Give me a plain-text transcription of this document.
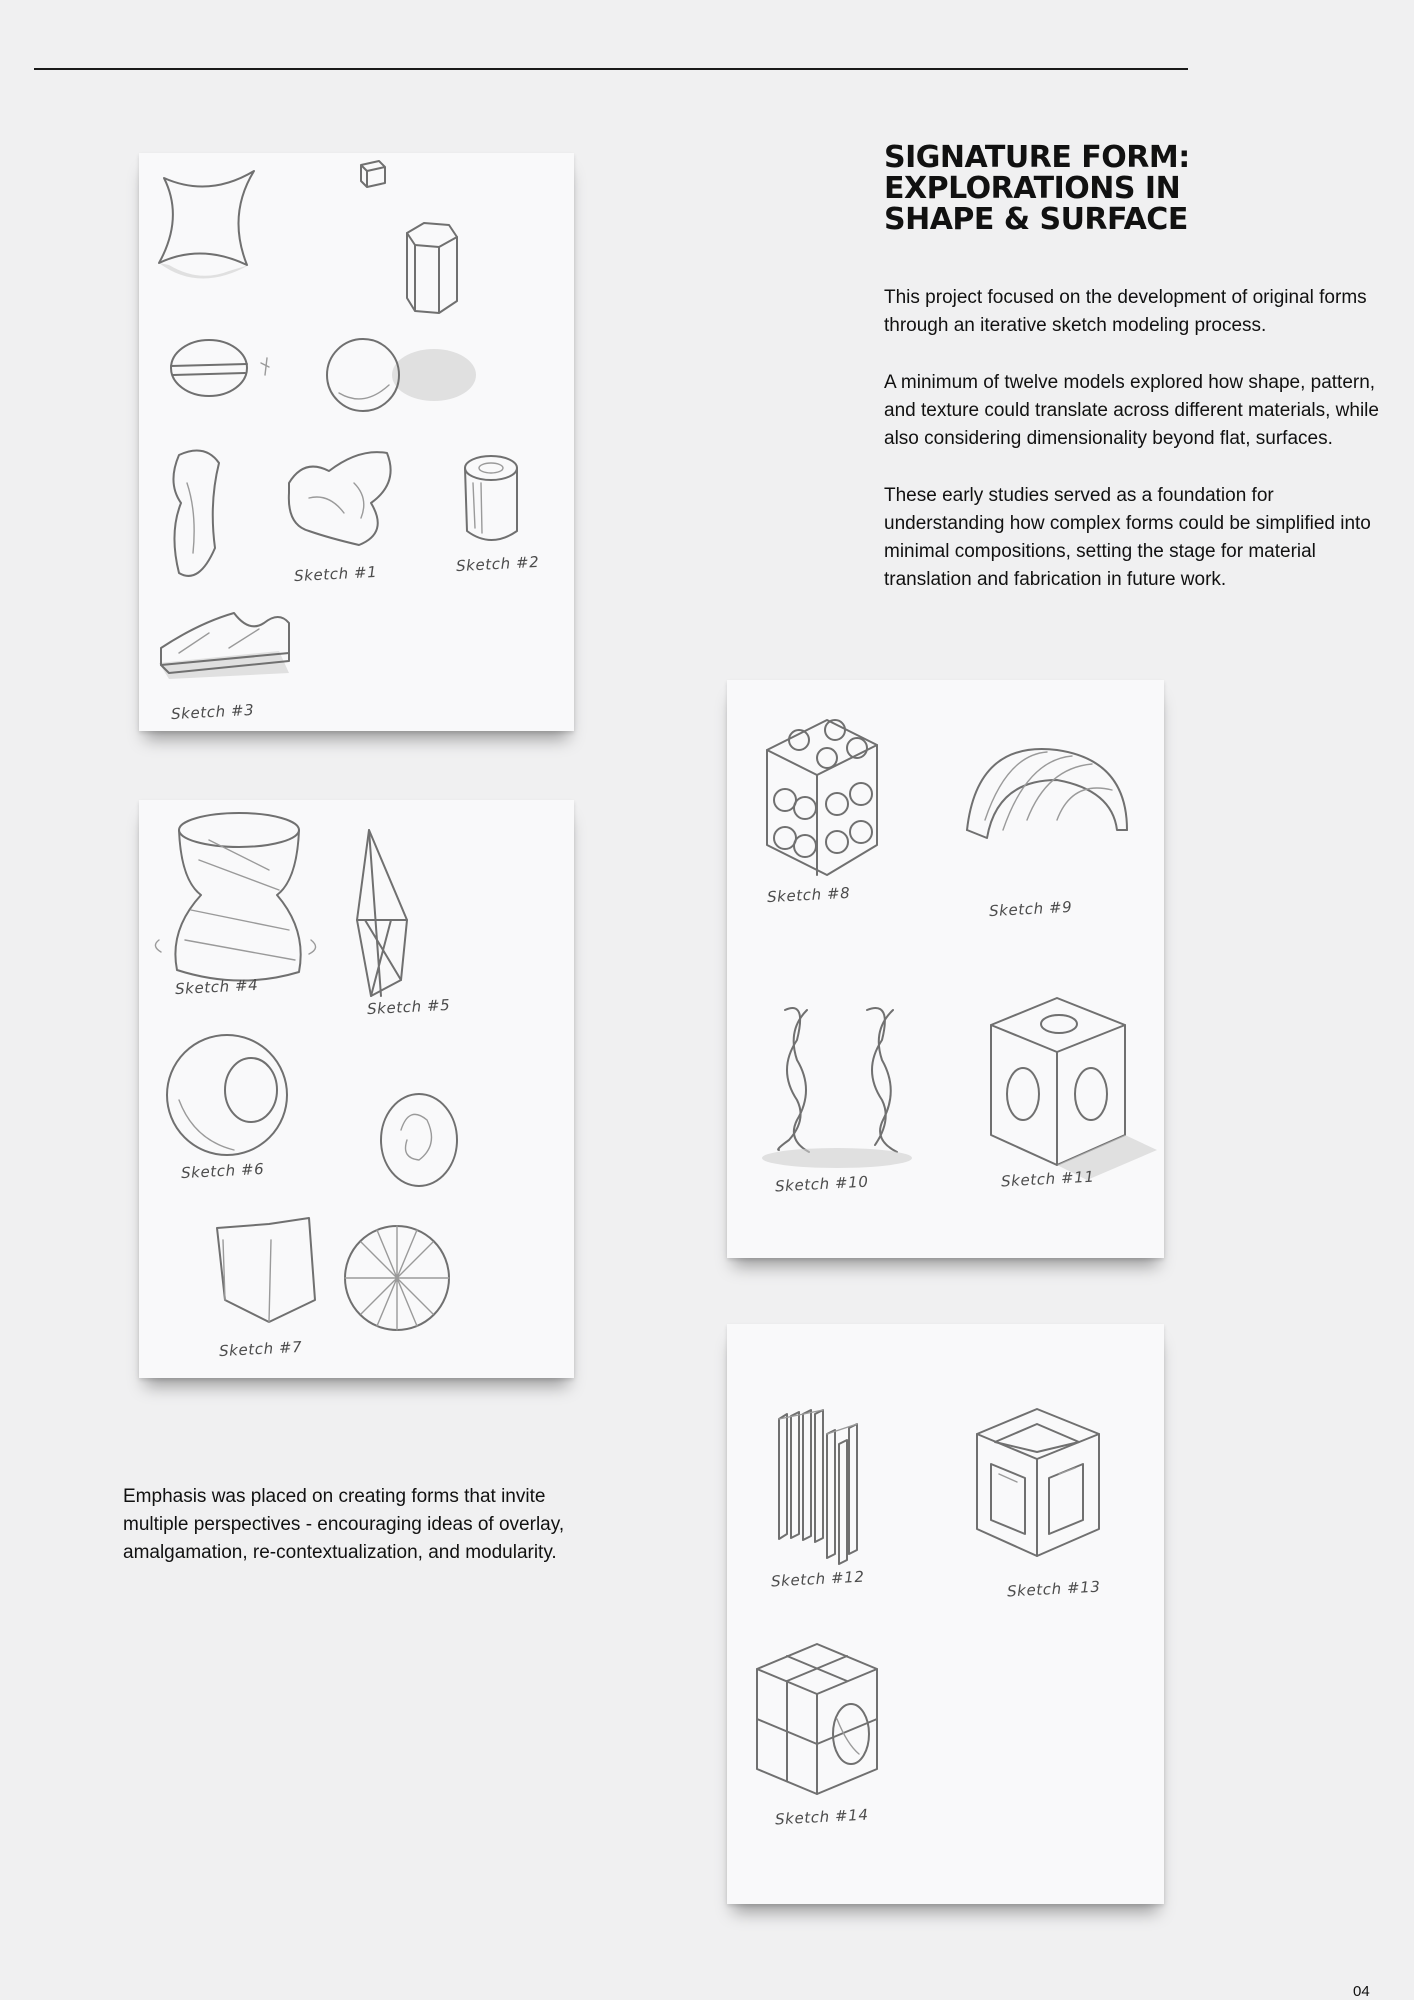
SIGNATURE FORM:
EXPLORATIONS IN
SHAPE & SURFACE

This project focused on the development of original forms through an iterative sketch modeling process.

A minimum of twelve models explored how shape, pattern, and texture could translate across different materials, while also considering dimensionality beyond flat, surfaces.

These early studies served as a foundation for understanding how complex forms could be simplified into minimal compositions, setting the stage for material translation and fabrication in future work.

Emphasis was placed on creating forms that invite multiple perspectives - encouraging ideas of overlay, amalgamation, re-contextualization, and modularity.

Sketch #1	Sketch #2
Sketch #3
Sketch #4
Sketch #5
Sketch #6
Sketch #7
Sketch #8
Sketch #9
Sketch #10	Sketch #11
Sketch #12	Sketch #13
Sketch #14
04
